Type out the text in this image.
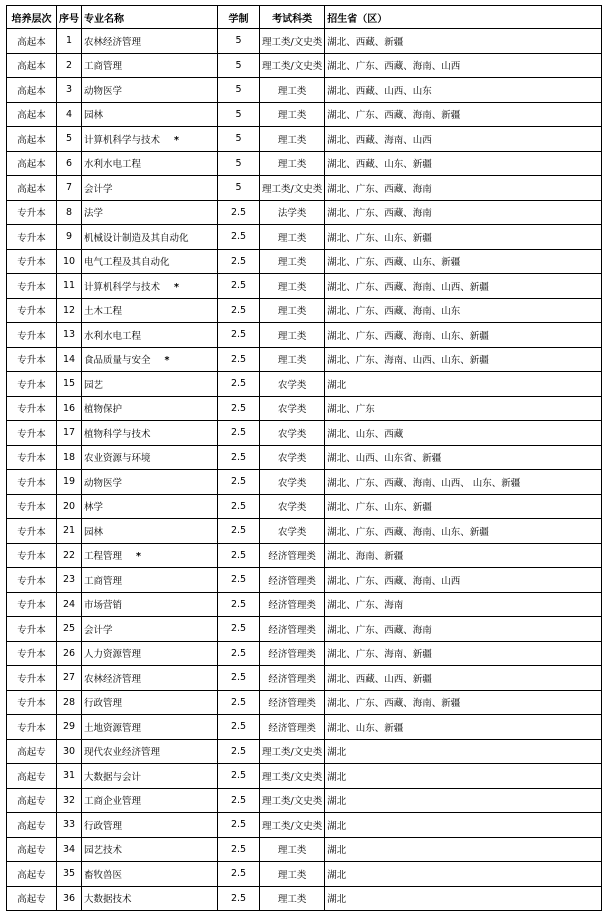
培养层次	序号	专业名称	学制	考试科类	招生省（区）
高起本	1	农林经济管理	5	理工类/文史类	湖北、西藏、新疆
高起本	2	工商管理	5	理工类/文史类	湖北、广东、西藏、海南、山西
高起本	3	动物医学	5	理工类	湖北、西藏、山西、山东
高起本	4	园林	5	理工类	湖北、广东、西藏、海南、新疆
高起本	5	计算机科学与技术 *	5	理工类	湖北、西藏、海南、山西
高起本	6	水利水电工程	5	理工类	湖北、西藏、山东、新疆
高起本	7	会计学	5	理工类/文史类	湖北、广东、西藏、海南
专升本	8	法学	2.5	法学类	湖北、广东、西藏、海南
专升本	9	机械设计制造及其自动化	2.5	理工类	湖北、广东、山东、新疆
专升本	10	电气工程及其自动化	2.5	理工类	湖北、广东、西藏、山东、新疆
专升本	11	计算机科学与技术 *	2.5	理工类	湖北、广东、西藏、海南、山西、新疆
专升本	12	土木工程	2.5	理工类	湖北、广东、西藏、海南、山东
专升本	13	水利水电工程	2.5	理工类	湖北、广东、西藏、海南、山东、新疆
专升本	14	食品质量与安全 *	2.5	理工类	湖北、广东、海南、山西、山东、新疆
专升本	15	园艺	2.5	农学类	湖北
专升本	16	植物保护	2.5	农学类	湖北、广东
专升本	17	植物科学与技术	2.5	农学类	湖北、山东、西藏
专升本	18	农业资源与环境	2.5	农学类	湖北、山西、山东省、新疆
专升本	19	动物医学	2.5	农学类	湖北、广东、西藏、海南、山西、 山东、新疆
专升本	20	林学	2.5	农学类	湖北、广东、山东、新疆
专升本	21	园林	2.5	农学类	湖北、广东、西藏、海南、山东、新疆
专升本	22	工程管理 *	2.5	经济管理类	湖北、海南、新疆
专升本	23	工商管理	2.5	经济管理类	湖北、广东、西藏、海南、山西
专升本	24	市场营销	2.5	经济管理类	湖北、广东、海南
专升本	25	会计学	2.5	经济管理类	湖北、广东、西藏、海南
专升本	26	人力资源管理	2.5	经济管理类	湖北、广东、海南、新疆
专升本	27	农林经济管理	2.5	经济管理类	湖北、西藏、山西、新疆
专升本	28	行政管理	2.5	经济管理类	湖北、广东、西藏、海南、新疆
专升本	29	土地资源管理	2.5	经济管理类	湖北、山东、新疆
高起专	30	现代农业经济管理	2.5	理工类/文史类	湖北
高起专	31	大数据与会计	2.5	理工类/文史类	湖北
高起专	32	工商企业管理	2.5	理工类/文史类	湖北
高起专	33	行政管理	2.5	理工类/文史类	湖北
高起专	34	园艺技术	2.5	理工类	湖北
高起专	35	畜牧兽医	2.5	理工类	湖北
高起专	36	大数据技术	2.5	理工类	湖北
